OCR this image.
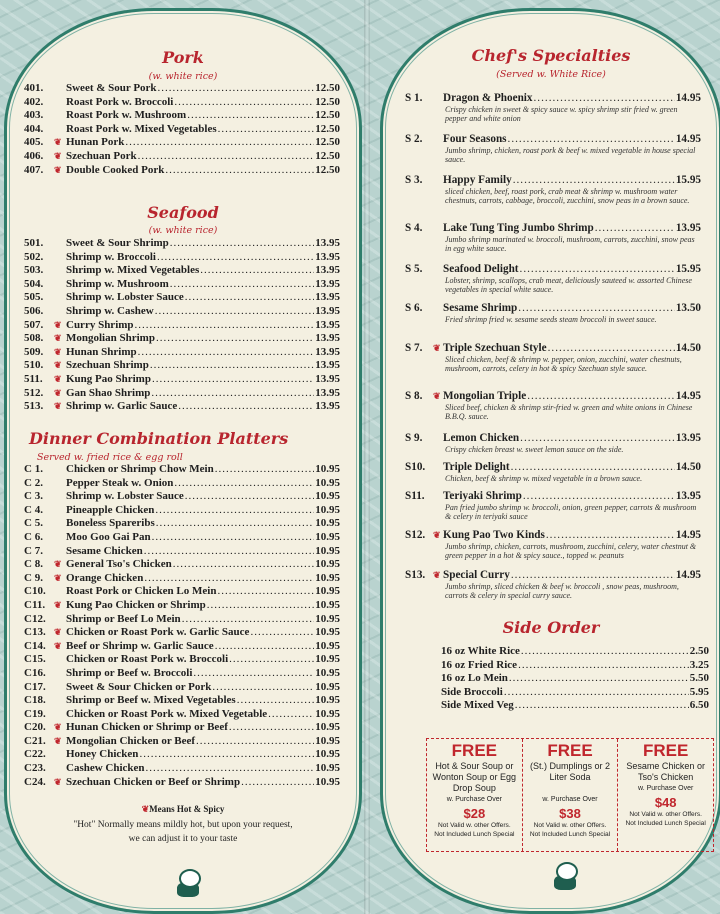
Pork
(w. white rice)
401.	Sweet & Sour Pork .....	12.50
402.	Roast Pork w. Broccoli .....	12.50
403.	Roast Pork w. Mushroom .....	12.50
404.	Roast Pork w. Mixed Vegetables .....	12.50
405.	❦ Hunan Pork .....	12.50
406.	❦ Szechuan Pork .....	12.50
407.	❦ Double Cooked Pork .....	12.50
Seafood
(w. white rice)
501.	Sweet & Sour Shrimp .....	13.95
502.	Shrimp w. Broccoli .....	13.95
503.	Shrimp w. Mixed Vegetables .....	13.95
504.	Shrimp w. Mushroom .....	13.95
505.	Shrimp w. Lobster Sauce .....	13.95
506.	Shrimp w. Cashew .....	13.95
507.	❦ Curry Shrimp .....	13.95
508.	❦ Mongolian Shrimp .....	13.95
509.	❦ Hunan Shrimp .....	13.95
510.	❦ Szechuan Shrimp .....	13.95
511.	❦ Kung Pao Shrimp .....	13.95
512.	❦ Gan Shao Shrimp .....	13.95
513.	❦ Shrimp w. Garlic Sauce .....	13.95
Dinner Combination Platters
Served w. fried rice & egg roll
C 1.	Chicken or Shrimp Chow Mein .....	10.95
C 2.	Pepper Steak w. Onion .....	10.95
C 3.	Shrimp w. Lobster Sauce .....	10.95
C 4.	Pineapple Chicken .....	10.95
C 5.	Boneless Spareribs .....	10.95
C 6.	Moo Goo Gai Pan .....	10.95
C 7.	Sesame Chicken .....	10.95
C 8.	❦ General Tso's Chicken .....	10.95
C 9.	❦ Orange Chicken .....	10.95
C10.	Roast Pork or Chicken Lo Mein .....	10.95
C11. ❦ Kung Pao Chicken or Shrimp .....	10.95
C12.	Shrimp or Beef Lo Mein .....	10.95
C13. ❦ Chicken or Roast Pork w. Garlic Sauce .....	10.95
C14. ❦ Beef or Shrimp w. Garlic Sauce .....	10.95
C15.	Chicken or Roast Pork w. Broccoli .....	10.95
C16.	Shrimp or Beef w. Broccoli .....	10.95
C17.	Sweet & Sour Chicken or Pork .....	10.95
C18.	Shrimp or Beef w. Mixed Vegetables .....	10.95
C19.	Chicken or Roast Pork w. Mixed Vegetable .....	10.95
C20. ❦ Hunan Chicken or Shrimp or Beef .....	10.95
C21. ❦ Mongolian Chicken or Beef .....	10.95
C22.	Honey Chicken .....	10.95
C23.	Cashew Chicken .....	10.95
C24. ❦ Szechuan Chicken or Beef or Shrimp .....	10.95
❦Means Hot & Spicy
"Hot" Normally means mildly hot, but upon your request,
we can adjust it to your taste
Chef's Specialties
(Served w. White Rice)
S 1.	Dragon & Phoenix .....	14.95
Crispy chicken in sweet & spicy sauce w. spicy shrimp stir fried w. green pepper and white onion
S 2.	Four Seasons .....	14.95
Jumbo shrimp, chicken, roast pork & beef w. mixed vegetable in house special sauce.
S 3.	Happy Family .....	15.95
sliced chicken, beef, roast pork, crab meat & shrimp w. mushroom water chestnuts, carrots, cabbage, broccoli, zucchini, snow peas in a brown sauce.
S 4.	Lake Tung Ting Jumbo Shrimp .....	13.95
Jumbo shrimp marinated w. broccoli, mushroom, carrots, zucchini, snow peas in egg white sauce.
S 5.	Seafood Delight .....	15.95
Lobster, shrimp, scallops, crab meat, deliciously sauteed w. assorted Chinese vegetables in special white sauce.
S 6.	Sesame Shrimp .....	13.50
Fried shrimp fried w. sesame seeds steam broccoli in sweet sauce.
S 7.	❦ Triple Szechuan Style .....	14.50
Sliced chicken, beef & shrimp w. pepper, onion, zucchini, water chestnuts, mushroom, carrots, celery in hot & spicy Szechuan style sauce.
S 8.	❦ Mongolian Triple .....	14.95
Sliced beef, chicken & shrimp stir-fried w. green and white onions in Chinese B.B.Q. sauce.
S 9.	Lemon Chicken .....	13.95
Crispy chicken breast w. sweet lemon sauce on the side.
S10.	Triple Delight .....	14.50
Chicken, beef & shrimp w. mixed vegetable in a brown sauce.
S11.	Teriyaki Shrimp .....	13.95
Pan fried jumbo shrimp w. broccoli, onion, green pepper, carrots & mushroom & celery in teriyaki sauce
S12. ❦ Kung Pao Two Kinds .....	14.95
Jumbo shrimp, chicken, carrots, mushroom, zucchini, celery, water chestnut & green pepper in a hot & spicy sauce., topped w. peanuts
S13. ❦ Special Curry .....	14.95
Jumbo shrimp, sliced chicken & beef w. broccoli , snow peas, mushroom, carrots & celery in special curry sauce.
Side Order
16 oz White Rice .....	2.50
16 oz Fried Rice .....	3.25
16 oz Lo Mein .....	5.50
Side Broccoli .....	5.95
Side Mixed Veg .....	6.50
FREE
Hot & Sour Soup or Wonton Soup or Egg Drop Soup
w. Purchase Over
$28
Not Valid w. other Offers.
Not Included Lunch Special
FREE
(St.) Dumplings or 2 Liter Soda
w. Purchase Over
$38
Not Valid w. other Offers.
Not Included Lunch Special
FREE
Sesame Chicken or Tso's Chicken
w. Purchase Over
$48
Not Valid w. other Offers.
Not Included Lunch Special
